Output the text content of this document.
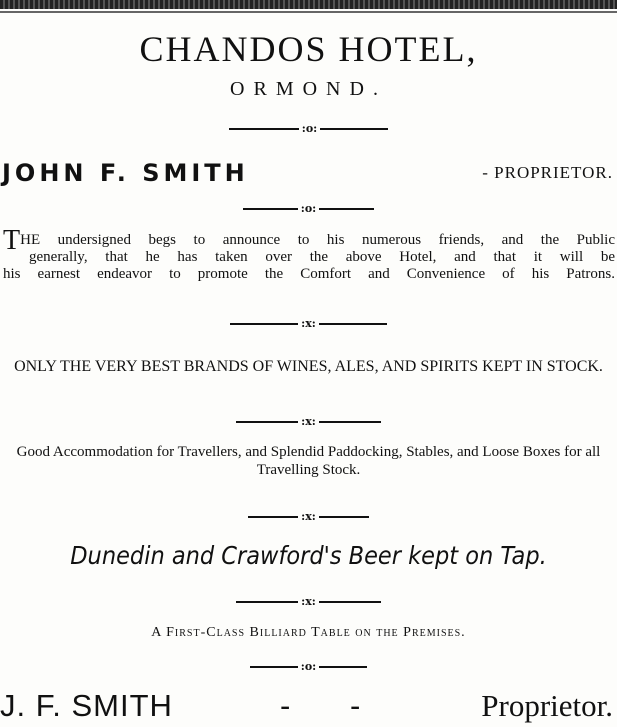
CHANDOS HOTEL,
ORMOND.
:o:
JOHN F. SMITH	- PROPRIETOR.
:o:
THE undersigned begs to announce to his numerous friends, and the Public
generally, that he has taken over the above Hotel, and that it will be
his earnest endeavor to promote the Comfort and Convenience of his Patrons.
:x:
ONLY THE VERY BEST BRANDS OF WINES, ALES, AND SPIRITS KEPT IN STOCK.
:x:
Good Accommodation for Travellers, and Splendid Paddocking, Stables, and Loose Boxes for all Travelling Stock.
:x:
Dunedin and Crawford's Beer kept on Tap.
:x:
A First-Class Billiard Table on the Premises.
:o:
J. F. SMITH	- -	Proprietor.
